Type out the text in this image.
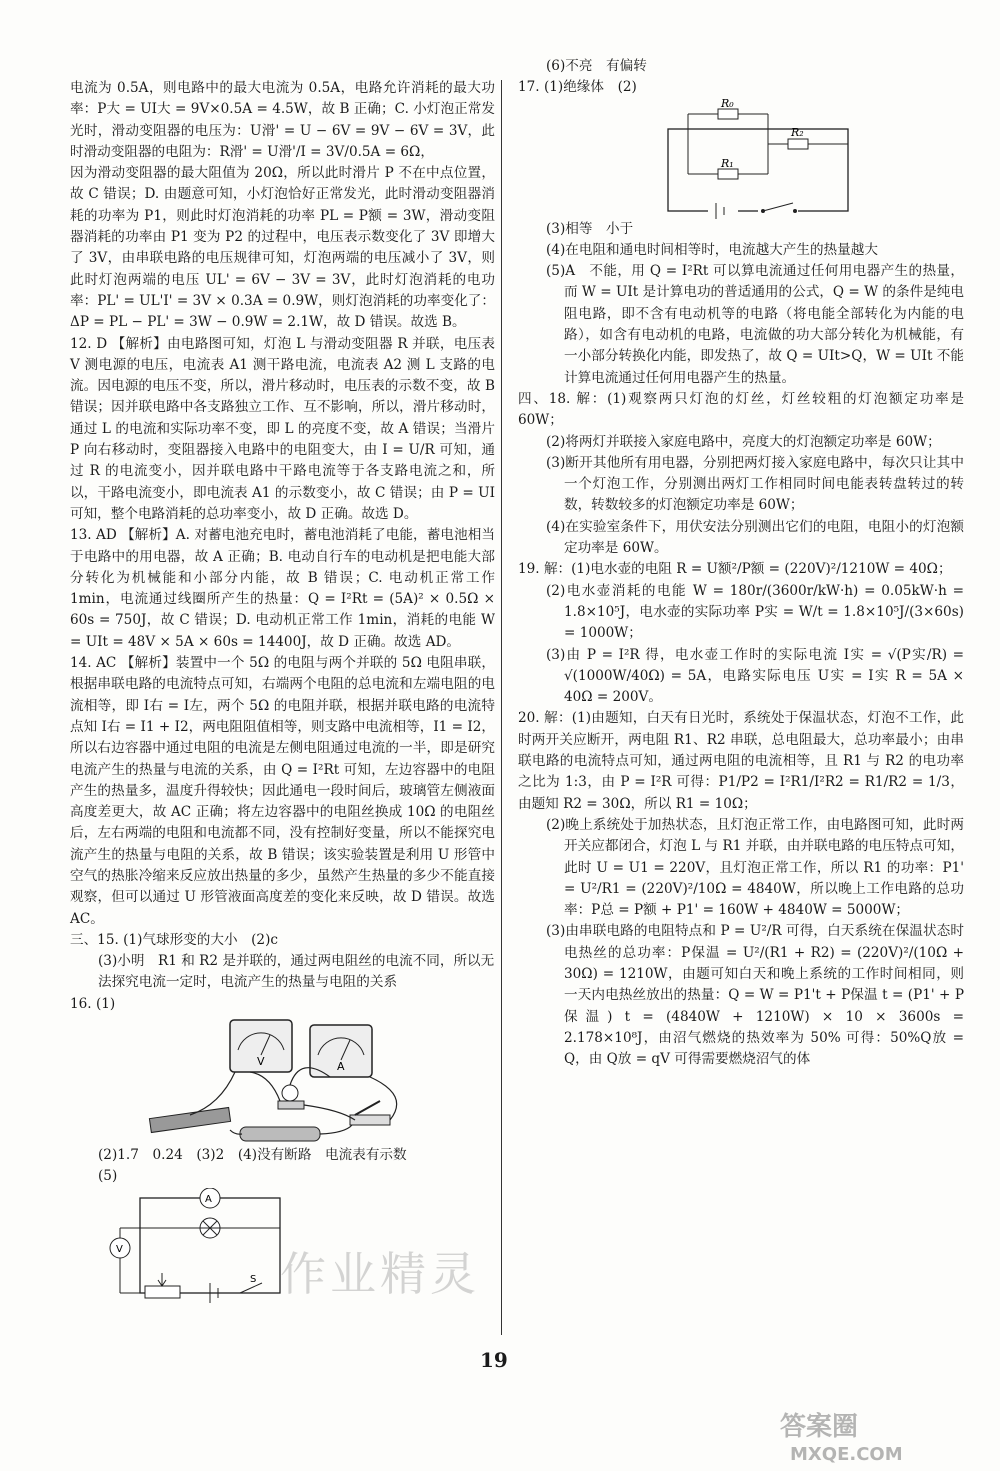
电流为 0.5A，则电路中的最大电流为 0.5A，电路允许消耗的最大功率：P大 = UI大 = 9V×0.5A = 4.5W，故 B 正确；C. 小灯泡正常发光时，滑动变阻器的电压为：U滑' = U − 6V = 9V − 6V = 3V，此时滑动变阻器的电阻为：R滑' = U滑'/I = 3V/0.5A = 6Ω，

因为滑动变阻器的最大阻值为 20Ω，所以此时滑片 P 不在中点位置，故 C 错误；D. 由题意可知，小灯泡恰好正常发光，此时滑动变阻器消耗的功率为 P1，则此时灯泡消耗的功率 PL = P额 = 3W，滑动变阻器消耗的功率由 P1 变为 P2 的过程中，电压表示数变化了 3V 即增大了 3V，由串联电路的电压规律可知，灯泡两端的电压减小了 3V，则此时灯泡两端的电压 UL' = 6V − 3V = 3V，此时灯泡消耗的电功率：PL' = UL'I' = 3V × 0.3A = 0.9W，则灯泡消耗的功率变化了：ΔP = PL − PL' = 3W − 0.9W = 2.1W，故 D 错误。故选 B。

12. D 【解析】由电路图可知，灯泡 L 与滑动变阻器 R 并联，电压表 V 测电源的电压，电流表 A1 测干路电流，电流表 A2 测 L 支路的电流。因电源的电压不变，所以，滑片移动时，电压表的示数不变，故 B 错误；因并联电路中各支路独立工作、互不影响，所以，滑片移动时，通过 L 的电流和实际功率不变，即 L 的亮度不变，故 A 错误；当滑片 P 向右移动时，变阻器接入电路中的电阻变大，由 I = U/R 可知，通过 R 的电流变小，因并联电路中干路电流等于各支路电流之和，所以，干路电流变小，即电流表 A1 的示数变小，故 C 错误；由 P = UI 可知，整个电路消耗的总功率变小，故 D 正确。故选 D。

13. AD 【解析】A. 对蓄电池充电时，蓄电池消耗了电能，蓄电池相当于电路中的用电器，故 A 正确；B. 电动自行车的电动机是把电能大部分转化为机械能和小部分内能，故 B 错误；C. 电动机正常工作 1min，电流通过线圈所产生的热量：Q = I²Rt = (5A)² × 0.5Ω × 60s = 750J，故 C 错误；D. 电动机正常工作 1min，消耗的电能 W = UIt = 48V × 5A × 60s = 14400J，故 D 正确。故选 AD。

14. AC 【解析】装置中一个 5Ω 的电阻与两个并联的 5Ω 电阻串联，根据串联电路的电流特点可知，右端两个电阻的总电流和左端电阻的电流相等，即 I右 = I左，两个 5Ω 的电阻并联，根据并联电路的电流特点知 I右 = I1 + I2，两电阻阻值相等，则支路中电流相等，I1 = I2，所以右边容器中通过电阻的电流是左侧电阻通过电流的一半，即是研究电流产生的热量与电流的关系，由 Q = I²Rt 可知，左边容器中的电阻产生的热量多，温度升得较快；因此通电一段时间后，玻璃管左侧液面高度差更大，故 AC 正确；将左边容器中的电阻丝换成 10Ω 的电阻丝后，左右两端的电阻和电流都不同，没有控制好变量，所以不能探究电流产生的热量与电阻的关系，故 B 错误；该实验装置是利用 U 形管中空气的热胀冷缩来反应放出热量的多少，虽然产生热量的多少不能直接观察，但可以通过 U 形管液面高度差的变化来反映，故 D 错误。故选 AC。

三、15. (1)气球形变的大小　(2)c

(3)小明　R1 和 R2 是并联的，通过两电阻丝的电流不同，所以无法探究电流一定时，电流产生的热量与电阻的关系

16. (1)

V	A

(2)1.7　0.24　(3)2　(4)没有断路　电流表有示数

(5)

A
V
S

(6)不亮　有偏转

17. (1)绝缘体　(2)

R₀
R₁
R₂

(3)相等　小于

(4)在电阻和通电时间相等时，电流越大产生的热量越大

(5)A　不能，用 Q = I²Rt 可以算电流通过任何用电器产生的热量，而 W = UIt 是计算电功的普适通用的公式，Q = W 的条件是纯电阻电路，即不含有电动机等的电路（将电能全部转化为内能的电路），如含有电动机的电路，电流做的功大部分转化为机械能，有一小部分转换化内能，即发热了，故 Q = UIt>Q，W = UIt 不能计算电流通过任何用电器产生的热量。

四、18. 解：(1)观察两只灯泡的灯丝，灯丝较粗的灯泡额定功率是 60W；

(2)将两灯并联接入家庭电路中，亮度大的灯泡额定功率是 60W；

(3)断开其他所有用电器，分别把两灯接入家庭电路中，每次只让其中一个灯泡工作，分别测出两灯工作相同时间电能表转盘转过的转数，转数较多的灯泡额定功率是 60W；

(4)在实验室条件下，用伏安法分别测出它们的电阻，电阻小的灯泡额定功率是 60W。

19. 解：(1)电水壶的电阻 R = U额²/P额 = (220V)²/1210W = 40Ω；

(2)电水壶消耗的电能 W = 180r/(3600r/kW·h) = 0.05kW·h = 1.8×10⁵J，电水壶的实际功率 P实 = W/t = 1.8×10⁵J/(3×60s) = 1000W；

(3)由 P = I²R 得，电水壶工作时的实际电流 I实 = √(P实/R) = √(1000W/40Ω) = 5A，电路实际电压 U实 = I实 R = 5A × 40Ω = 200V。

20. 解：(1)由题知，白天有日光时，系统处于保温状态，灯泡不工作，此时两开关应断开，两电阻 R1、R2 串联，总电阻最大，总功率最小；由串联电路的电流特点可知，通过两电阻的电流相等，且 R1 与 R2 的电功率之比为 1:3，由 P = I²R 可得：P1/P2 = I²R1/I²R2 = R1/R2 = 1/3，由题知 R2 = 30Ω，所以 R1 = 10Ω；

(2)晚上系统处于加热状态，且灯泡正常工作，由电路图可知，此时两开关应都闭合，灯泡 L 与 R1 并联，由并联电路的电压特点可知，此时 U = U1 = 220V，且灯泡正常工作，所以 R1 的功率：P1' = U²/R1 = (220V)²/10Ω = 4840W，所以晚上工作电路的总功率：P总 = P额 + P1' = 160W + 4840W = 5000W；

(3)由串联电路的电阻特点和 P = U²/R 可得，白天系统在保温状态时电热丝的总功率：P保温 = U²/(R1 + R2) = (220V)²/(10Ω + 30Ω) = 1210W，由题可知白天和晚上系统的工作时间相同，则一天内电热丝放出的热量：Q = W = P1't + P保温 t = (P1' + P保温) t = (4840W + 1210W) × 10 × 3600s = 2.178×10⁸J，由沼气燃烧的热效率为 50% 可得：50%Q放 = Q，由 Q放 = qV 可得需要燃烧沼气的体

作业精灵
19
答案圈
MXQE.COM
